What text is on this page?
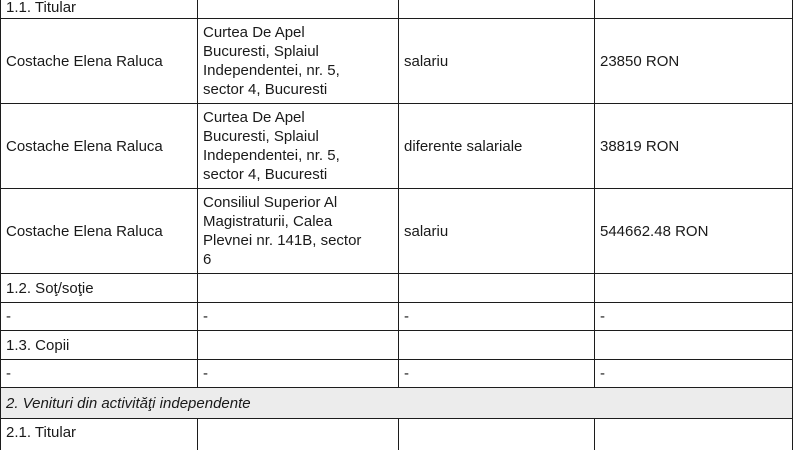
1.1. Titular			
Costache Elena Raluca	Curtea De Apel
Bucuresti, Splaiul
Independentei, nr. 5,
sector 4, Bucuresti	salariu	23850 RON
Costache Elena Raluca	Curtea De Apel
Bucuresti, Splaiul
Independentei, nr. 5,
sector 4, Bucuresti	diferente salariale	38819 RON
Costache Elena Raluca	Consiliul Superior Al
Magistraturii, Calea
Plevnei nr. 141B, sector
6	salariu	544662.48 RON
1.2. Soţ/soţie			
-	-	-	-
1.3. Copii			
-	-	-	-
2. Venituri din activităţi independente			
2.1. Titular			
